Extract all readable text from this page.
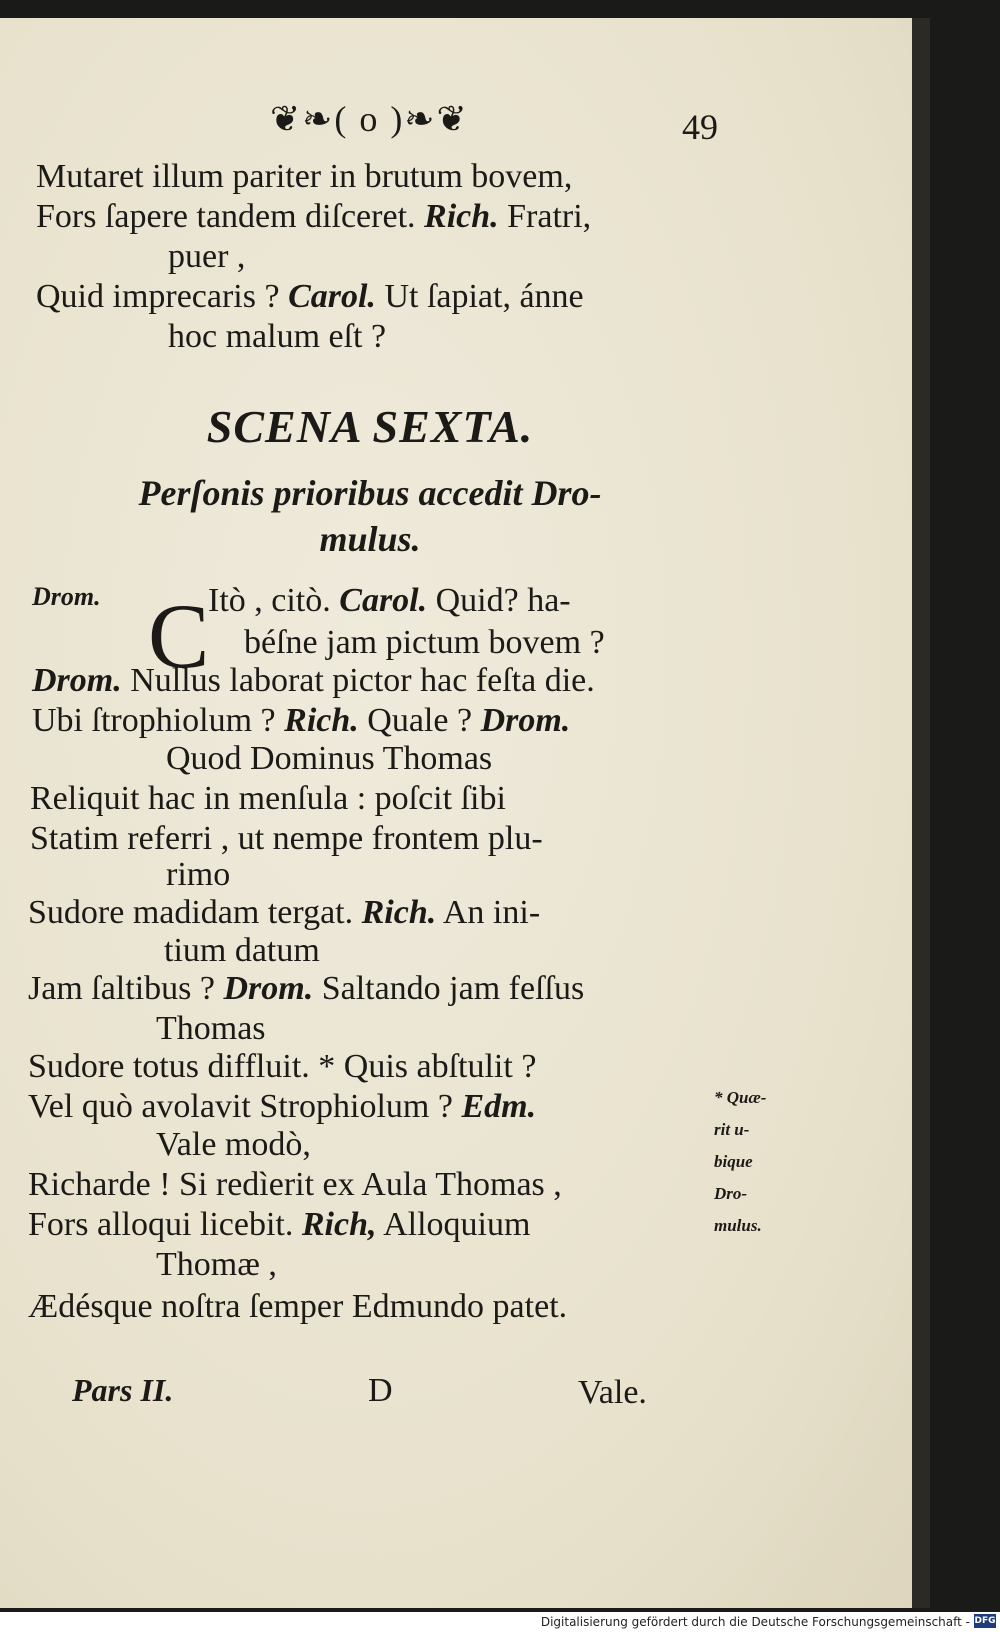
❦❧( o )❧❦	49
Mutaret illum pariter in brutum bovem,
Fors ſapere tandem diſceret. Rich. Fratri,
puer ,
Quid imprecaris ? Carol. Ut ſapiat, ánne
hoc malum eſt ?
SCENA SEXTA.
Perſonis prioribus accedit Dro-
mulus.
C
Drom.	Itò , citò. Carol. Quid? ha-
béſne jam pictum bovem ?
Drom. Nullus laborat pictor hac feſta die.
Ubi ſtrophiolum ? Rich. Quale ? Drom.
Quod Dominus Thomas
Reliquit hac in menſula : poſcit ſibi
Statim referri , ut nempe frontem plu-
rimo
Sudore madidam tergat. Rich. An ini-
tium datum
Jam ſaltibus ? Drom. Saltando jam feſſus
Thomas
Sudore totus diffluit. * Quis abſtulit ?
Vel quò avolavit Strophiolum ? Edm.
Vale modò,
Richarde ! Si redìerit ex Aula Thomas ,
Fors alloqui licebit. Rich, Alloquium
Thomæ ,
Ædésque noſtra ſemper Edmundo patet.
* Quæ-
rit u-
bique
Dro-
mulus.
Pars II.	D	Vale.
Digitalisierung gefördert durch die Deutsche Forschungsgemeinschaft - DFG
